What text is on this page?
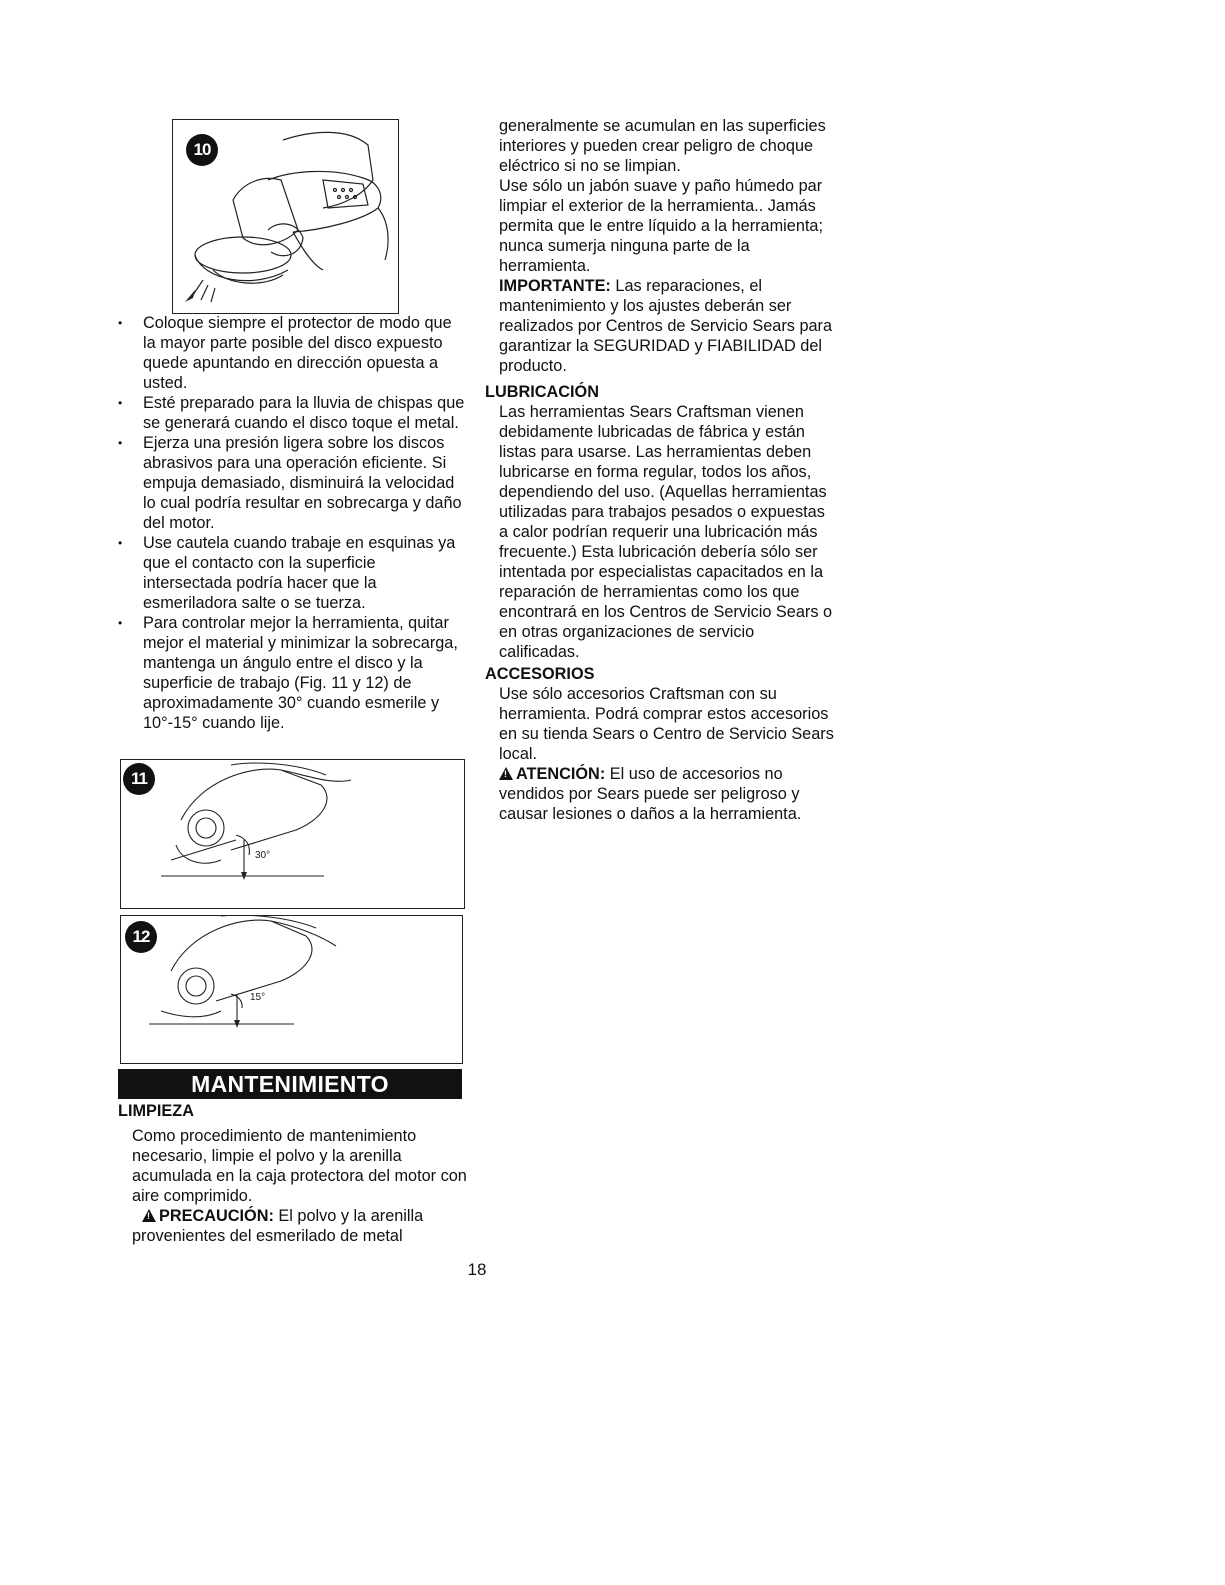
10
• Coloque siempre el protector de modo que la mayor parte posible del disco expuesto quede apuntando en dirección opuesta a usted.
• Esté preparado para la lluvia de chispas que se generará cuando el disco toque el metal.
• Ejerza una presión ligera sobre los discos abrasivos para una operación eficiente. Si empuja demasiado, disminuirá la velocidad lo cual podría resultar en sobrecarga y daño del motor.
• Use cautela cuando trabaje en esquinas ya que el contacto con la superficie intersectada podría hacer que la esmeriladora salte o se tuerza.
• Para controlar mejor la herramienta, quitar mejor el material y minimizar la sobrecarga, mantenga un ángulo entre el disco y la superficie de trabajo (Fig. 11 y 12) de aproximadamente 30° cuando esmerile y 10°-15° cuando lije.
11
30°
12
15°
MANTENIMIENTO

LIMPIEZA

Como procedimiento de mantenimiento necesario, limpie el polvo y la arenilla acumulada en la caja protectora del motor con aire comprimido.

!PRECAUCIÓN: El polvo y la arenilla provenientes del esmerilado de metal

generalmente se acumulan en las superficies interiores y pueden crear peligro de choque eléctrico si no se limpian.

Use sólo un jabón suave y paño húmedo par limpiar el exterior de la herramienta.. Jamás permita que le entre líquido a la herramienta; nunca sumerja ninguna parte de la herramienta.

IMPORTANTE: Las reparaciones, el mantenimiento y los ajustes deberán ser realizados por Centros de Servicio Sears para garantizar la SEGURIDAD y FIABILIDAD del producto.

LUBRICACIÓN

Las herramientas Sears Craftsman vienen debidamente lubricadas de fábrica y están listas para usarse. Las herramientas deben lubricarse en forma regular, todos los años, dependiendo del uso. (Aquellas herramientas utilizadas para trabajos pesados o expuestas a calor podrían requerir una lubricación más frecuente.) Esta lubricación debería sólo ser intentada por especialistas capacitados en la reparación de herramientas como los que encontrará en los Centros de Servicio Sears o en otras organizaciones de servicio calificadas.

ACCESORIOS

Use sólo accesorios Craftsman con su herramienta. Podrá comprar estos accesorios en su tienda Sears o Centro de Servicio Sears local.

!ATENCIÓN: El uso de accesorios no vendidos por Sears puede ser peligroso y causar lesiones o daños a la herramienta.

18
